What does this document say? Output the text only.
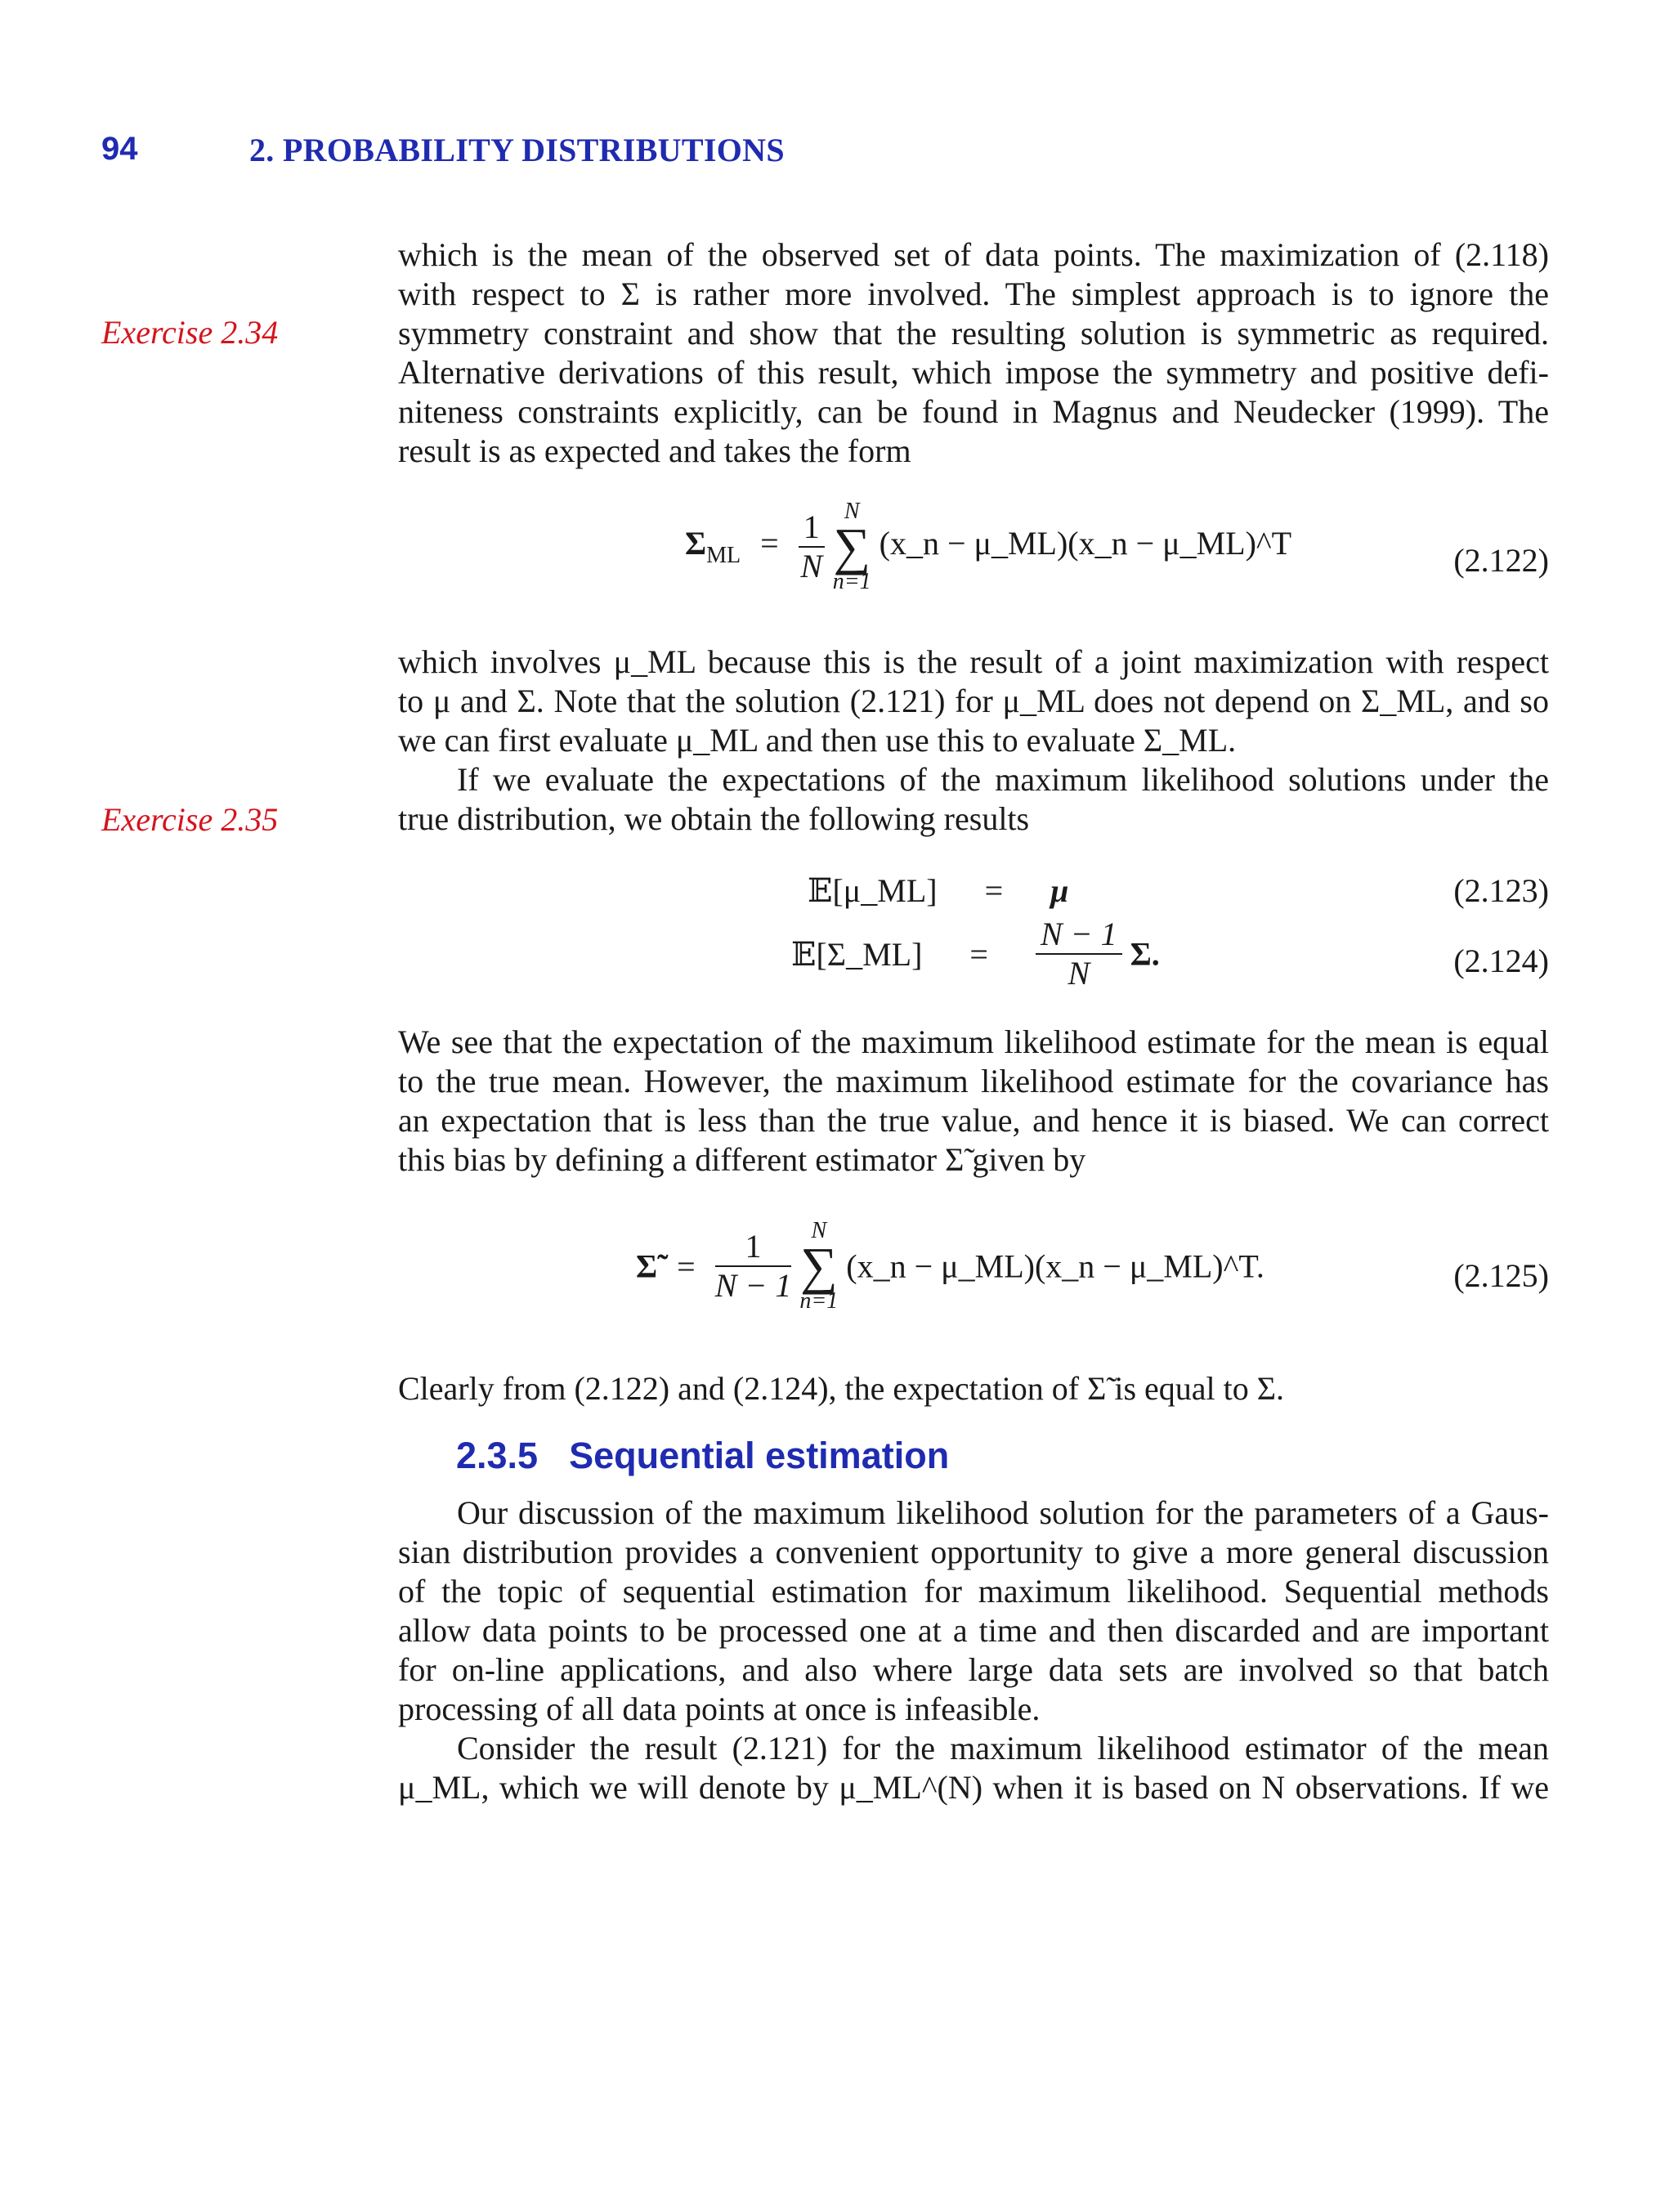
94	2. PROBABILITY DISTRIBUTIONS
Exercise 2.34
Exercise 2.35
which is the mean of the observed set of data points. The maximization of (2.118)
with respect to Σ is rather more involved. The simplest approach is to ignore the
symmetry constraint and show that the resulting solution is symmetric as required.
Alternative derivations of this result, which impose the symmetry and positive defi-
niteness constraints explicitly, can be found in Magnus and Neudecker (1999). The
result is as expected and takes the form
$\Sigma_{ML} = \frac{1}{N}$
N
∑
n=1
(x_n − μ_ML)(x_n − μ_ML)^T	(2.122)
which involves μ_ML because this is the result of a joint maximization with respect
to μ and Σ. Note that the solution (2.121) for μ_ML does not depend on Σ_ML, and so
we can first evaluate μ_ML and then use this to evaluate Σ_ML.
If we evaluate the expectations of the maximum likelihood solutions under the
true distribution, we obtain the following results
𝔼[μ_ML] = μ	(2.123)
𝔼[Σ_ML] = $\frac{N - 1}{N} \Sigma$.	(2.124)
We see that the expectation of the maximum likelihood estimate for the mean is equal
to the true mean. However, the maximum likelihood estimate for the covariance has
an expectation that is less than the true value, and hence it is biased. We can correct
this bias by defining a different estimator Σ̃ given by
Σ̃ = $\frac{1}{N - 1}$
N
∑
n=1
(x_n − μ_ML)(x_n − μ_ML)^T.	(2.125)
Clearly from (2.122) and (2.124), the expectation of Σ̃ is equal to Σ.
2.3.5 Sequential estimation
Our discussion of the maximum likelihood solution for the parameters of a Gaus-
sian distribution provides a convenient opportunity to give a more general discussion
of the topic of sequential estimation for maximum likelihood. Sequential methods
allow data points to be processed one at a time and then discarded and are important
for on-line applications, and also where large data sets are involved so that batch
processing of all data points at once is infeasible.
Consider the result (2.121) for the maximum likelihood estimator of the mean
μ_ML, which we will denote by μ_ML^(N) when it is based on N observations. If we
